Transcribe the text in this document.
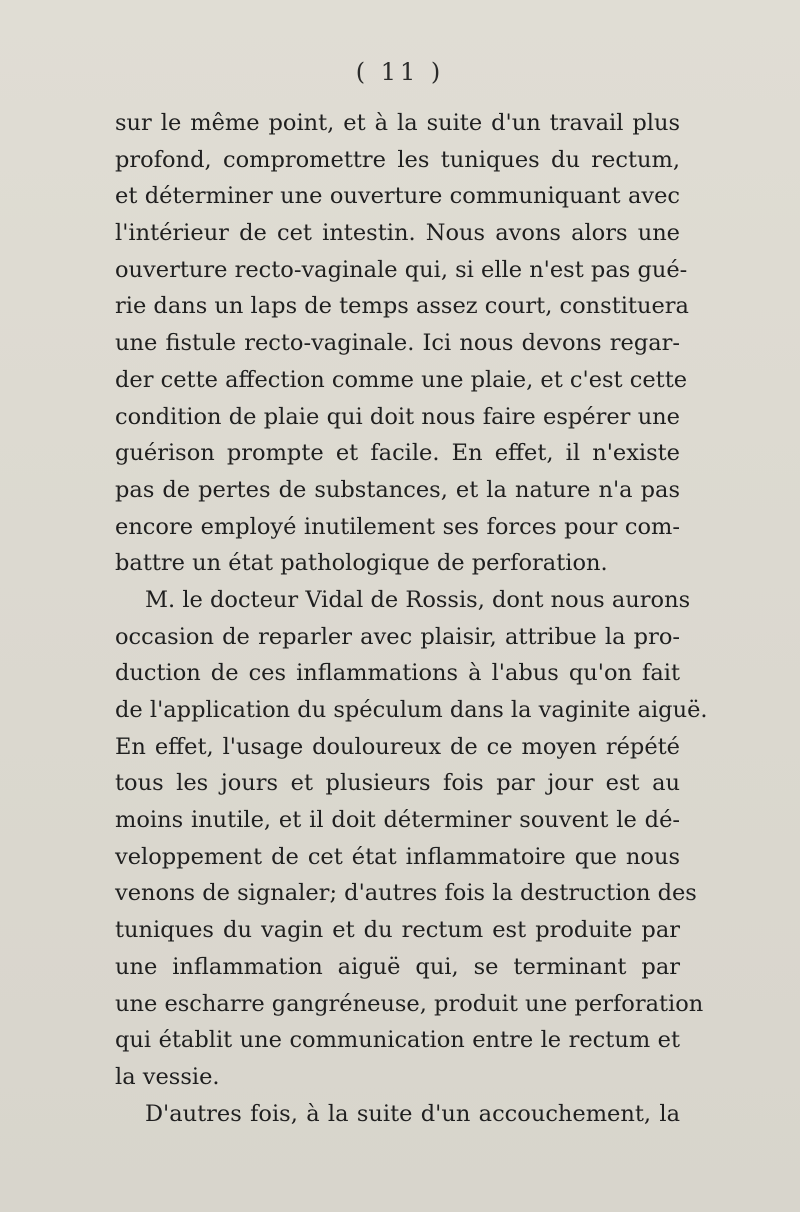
( 11 )
sur le même point, et à la suite d'un travail plus
profond, compromettre les tuniques du rectum,
et déterminer une ouverture communiquant avec
l'intérieur de cet intestin. Nous avons alors une
ouverture recto-vaginale qui, si elle n'est pas gué-
rie dans un laps de temps assez court, constituera
une fistule recto-vaginale. Ici nous devons regar-
der cette affection comme une plaie, et c'est cette
condition de plaie qui doit nous faire espérer une
guérison prompte et facile. En effet, il n'existe
pas de pertes de substances, et la nature n'a pas
encore employé inutilement ses forces pour com-
battre un état pathologique de perforation.
M. le docteur Vidal de Rossis, dont nous aurons
occasion de reparler avec plaisir, attribue la pro-
duction de ces inflammations à l'abus qu'on fait
de l'application du spéculum dans la vaginite aiguë.
En effet, l'usage douloureux de ce moyen répété
tous les jours et plusieurs fois par jour est au
moins inutile, et il doit déterminer souvent le dé-
veloppement de cet état inflammatoire que nous
venons de signaler; d'autres fois la destruction des
tuniques du vagin et du rectum est produite par
une inflammation aiguë qui, se terminant par
une escharre gangréneuse, produit une perforation
qui établit une communication entre le rectum et
la vessie.
D'autres fois, à la suite d'un accouchement, la
